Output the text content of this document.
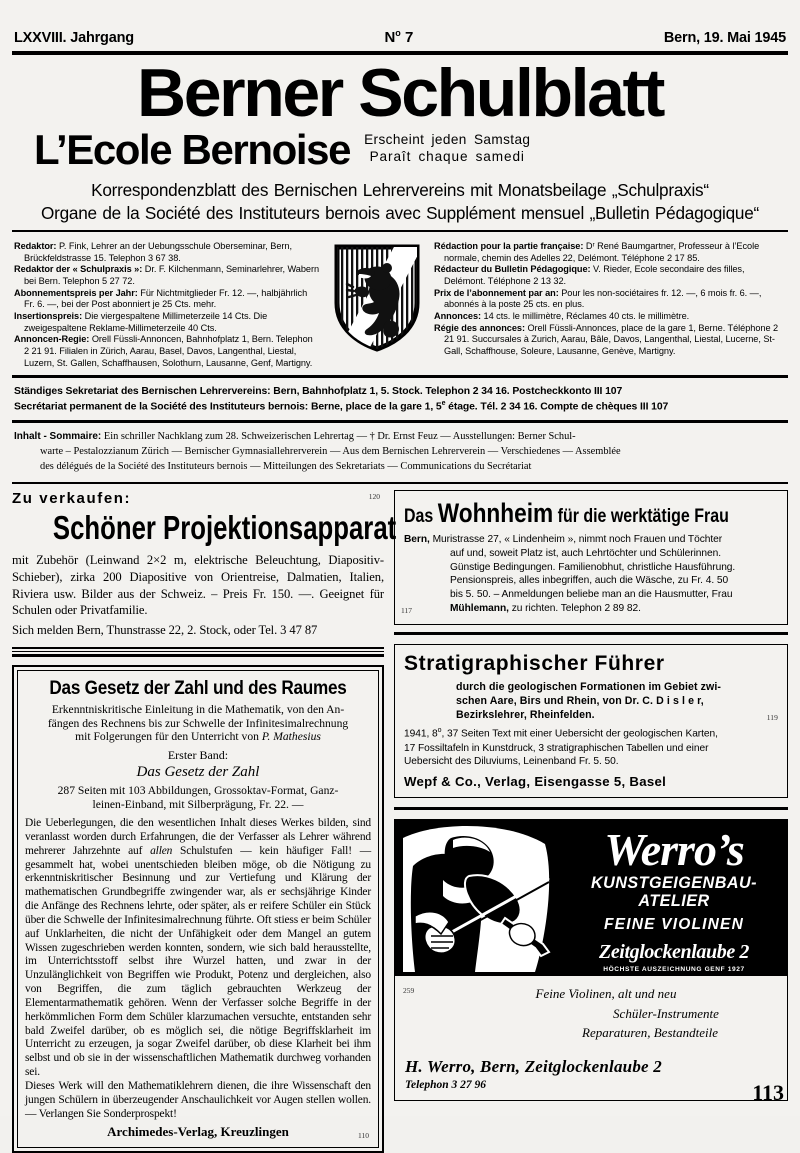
LXXVIII. Jahrgang	$N^o$ 7	Bern, 19. Mai 1945
Berner Schulblatt
L’Ecole Bernoise Erscheint jeden Samstag
Paraît chaque samedi
Korrespondenzblatt des Bernischen Lehrervereins mit Monatsbeilage „Schulpraxis“
Organe de la Société des Instituteurs bernois avec Supplément mensuel „Bulletin Pédagogique“

Redaktor: P. Fink, Lehrer an der Uebungsschule Oberseminar, Bern, Brückfeldstrasse 15. Telephon 3 67 38.

Redaktor der « Schulpraxis »: Dr. F. Kilchenmann, Seminarlehrer, Wabern bei Bern. Telephon 5 27 72.

Abonnementspreis per Jahr: Für Nichtmitglieder Fr. 12. —, halbjährlich Fr. 6. —, bei der Post abonniert je 25 Cts. mehr.

Insertionspreis: Die viergespaltene Millimeterzeile 14 Cts. Die zweigespaltene Reklame-Millimeterzeile 40 Cts.

Annoncen-Regie: Orell Füssli-Annoncen, Bahnhofplatz 1, Bern. Telephon 2 21 91. Filialen in Zürich, Aarau, Basel, Davos, Langenthal, Liestal, Luzern, St. Gallen, Schaffhausen, Solothurn, Lausanne, Genf, Martigny.

Rédaction pour la partie française: Dʳ René Baumgartner, Professeur à l’Ecole normale, chemin des Adelles 22, Delémont. Téléphone 2 17 85.

Rédacteur du Bulletin Pédagogique: V. Rieder, Ecole secondaire des filles, Delémont. Téléphone 2 13 32.

Prix de l’abonnement par an: Pour les non-sociétaires fr. 12. —, 6 mois fr. 6. —, abonnés à la poste 25 cts. en plus.

Annonces: 14 cts. le millimètre, Réclames 40 cts. le millimètre.

Régie des annonces: Orell Füssli-Annonces, place de la gare 1, Berne. Téléphone 2 21 91. Succursales à Zurich, Aarau, Bâle, Davos, Langenthal, Liestal, Lucerne, St-Gall, Schaffhouse, Soleure, Lausanne, Genève, Martigny.

Ständiges Sekretariat des Bernischen Lehrervereins: Bern, Bahnhofplatz 1, 5. Stock. Telephon 2 34 16. Postcheckkonto III 107
Secrétariat permanent de la Société des Instituteurs bernois: Berne, place de la gare 1, 5e étage. Tél. 2 34 16. Compte de chèques III 107

Inhalt - Sommaire: Ein schriller Nachklang zum 28. Schweizerischen Lehrertag — † Dr. Ernst Feuz — Ausstellungen: Berner Schul-

warte – Pestalozzianum Zürich — Bernischer Gymnasiallehrerverein — Aus dem Bernischen Lehrerverein — Verschiedenes — Assemblée

des délégués de la Société des Instituteurs bernois — Mitteilungen des Sekretariats — Communications du Secrétariat

Zu verkaufen:	120
Schöner Projektionsapparat
mit Zubehör (Leinwand 2×2 m, elektrische Beleuchtung, Diapositiv-Schieber), zirka 200 Diapositive von Orientreise, Dalmatien, Italien, Riviera usw. Bilder aus der Schweiz. – Preis Fr. 150. —. Geeignet für Schulen oder Privatfamilie.
Sich melden Bern, Thunstrasse 22, 2. Stock, oder Tel. 3 47 87
Das Gesetz der Zahl und des Raumes
Erkenntniskritische Einleitung in die Mathematik, von den An-
fängen des Rechnens bis zur Schwelle der Infinitesimalrechnung
mit Folgerungen für den Unterricht von P. Mathesius
Erster Band:
Das Gesetz der Zahl
287 Seiten mit 103 Abbildungen, Grossoktav-Format, Ganz-
leinen-Einband, mit Silberprägung, Fr. 22. —
Die Ueberlegungen, die den wesentlichen Inhalt dieses Werkes bilden, sind veranlasst worden durch Erfahrungen, die der Verfasser als Lehrer während mehrerer Jahrzehnte auf allen Schulstufen — kein häufiger Fall! — gesammelt hat, wobei unentschieden bleiben möge, ob die Nötigung zu erkenntniskritischer Besinnung und zur Vertiefung und Klärung der mathematischen Grundbegriffe zwingender war, als er sechsjährige Kinder die Anfänge des Rechnens lehrte, oder später, als er reifere Schüler ein Stück über die Schwelle der Infinitesimalrechnung führte. Oft stiess er beim Schüler auf Unklarheiten, die nicht der Unfähigkeit oder dem Mangel an gutem Wissen zugeschrieben werden konnten, sondern, wie sich bald herausstellte, im Unterrichtsstoff selbst ihre Wurzel hatten, und zwar in der Unzulänglichkeit von Begriffen wie Produkt, Potenz und dergleichen, also von Begriffen, die zum täglich gebrauchten Werkzeug der Elementarmathematik gehören. Wenn der Verfasser solche Begriffe in der herkömmlichen Form dem Schüler klarzumachen versuchte, entstanden sehr bald Zweifel darüber, ob es möglich sei, die nötige Begriffsklarheit im Unterricht zu erzeugen, ja sogar Zweifel darüber, ob diese Klarheit bei ihm selbst und ob sie in der wissenschaftlichen Mathematik durchweg vorhanden sei.
Dieses Werk will den Mathematiklehrern dienen, die ihre Wissenschaft den jungen Schülern in überzeugender Anschaulichkeit vor Augen stellen wollen. — Verlangen Sie Sonderprospekt!
Archimedes-Verlag, Kreuzlingen	110
Das Wohnheim für die werktätige Frau
Bern, Muristrasse 27, « Lindenheim », nimmt noch Frauen und Töchter
auf und, soweit Platz ist, auch Lehrtöchter und Schülerinnen.
Günstige Bedingungen. Familienobhut, christliche Hausführung.
Pensionspreis, alles inbegriffen, auch die Wäsche, zu Fr. 4. 50
bis 5. 50. – Anmeldungen beliebe man an die Hausmutter, Frau
Mühlemann, zu richten. Telephon 2 89 82.
117
Stratigraphischer Führer
durch die geologischen Formationen im Gebiet zwi-
schen Aare, Birs und Rhein, von Dr. C. D i s l e r,
Bezirkslehrer, Rheinfelden.	119
1941, 8$^o$, 37 Seiten Text mit einer Uebersicht der geologischen Karten,
17 Fossiltafeln in Kunstdruck, 3 stratigraphischen Tabellen und einer
Uebersicht des Diluviums, Leinenband Fr. 5. 50.
Wepf & Co., Verlag, Eisengasse 5, Basel
Werro’s
KUNSTGEIGENBAU-
ATELIER
FEINE VIOLINEN
Zeitglockenlaube 2
HÖCHSTE AUSZEICHNUNG GENF 1927
259	Feine Violinen, alt und neu
Schüler-Instrumente
Reparaturen, Bestandteile
H. Werro, Bern, Zeitglockenlaube 2
Telephon 3 27 96	113
